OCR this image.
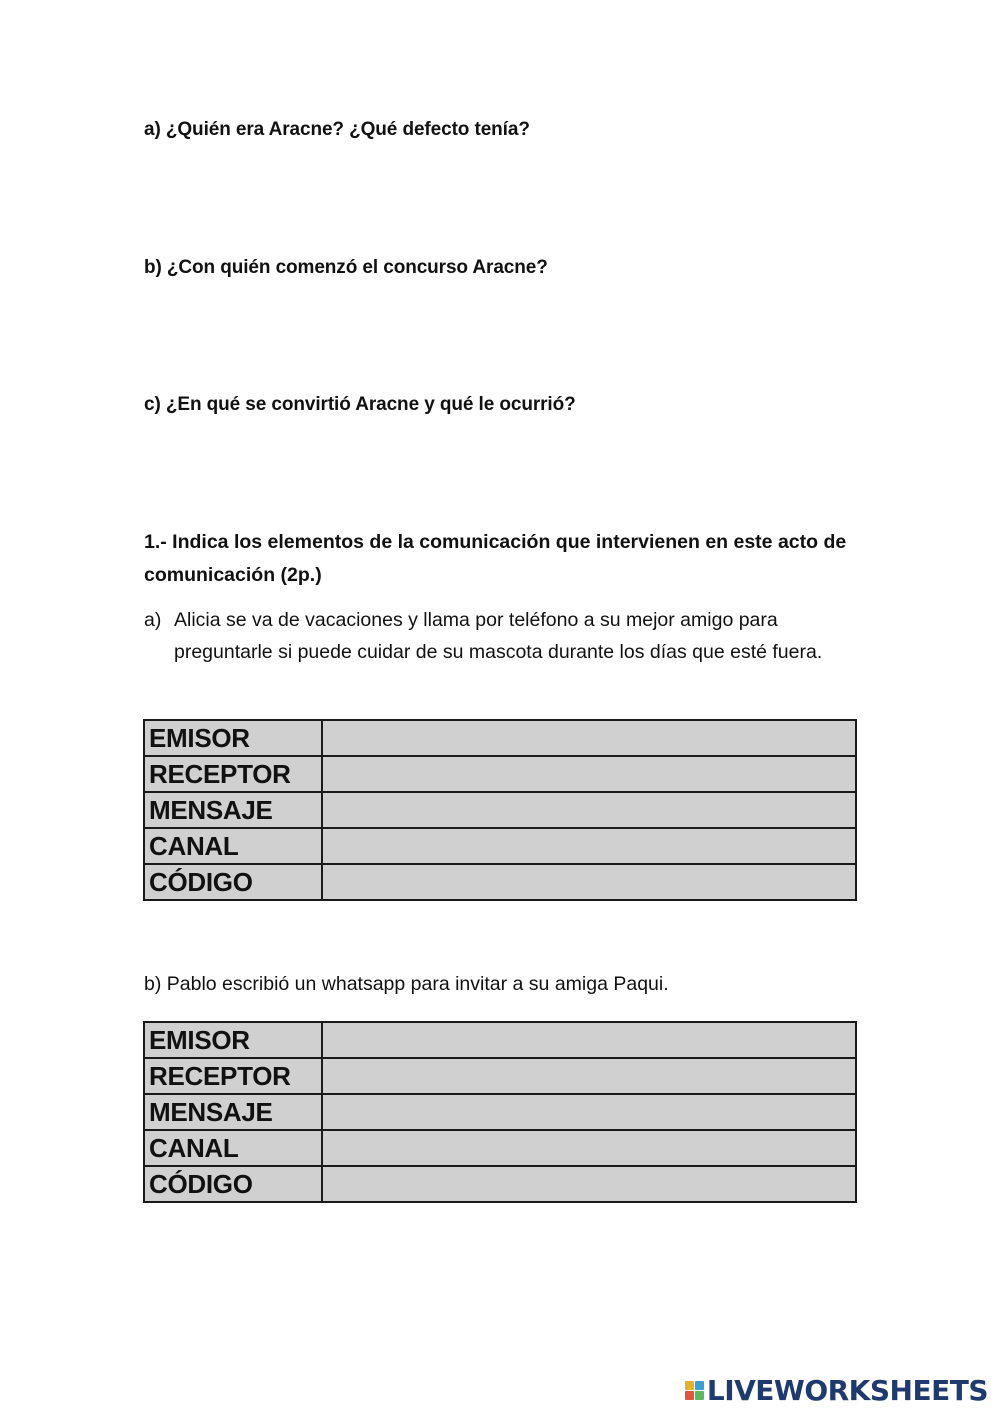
a) ¿Quién era Aracne? ¿Qué defecto tenía?

b) ¿Con quién comenzó el concurso Aracne?

c) ¿En qué se convirtió Aracne y qué le ocurrió?

1.- Indica los elementos de la comunicación que intervienen en este acto de comunicación (2p.)

a) Alicia se va de vacaciones y llama por teléfono a su mejor amigo para preguntarle si puede cuidar de su mascota durante los días que esté fuera.
EMISOR	
RECEPTOR	
MENSAJE	
CANAL	
CÓDIGO	

b) Pablo escribió un whatsapp para invitar a su amiga Paqui.

EMISOR	
RECEPTOR	
MENSAJE	
CANAL	
CÓDIGO	
LIVEWORKSHEETS
